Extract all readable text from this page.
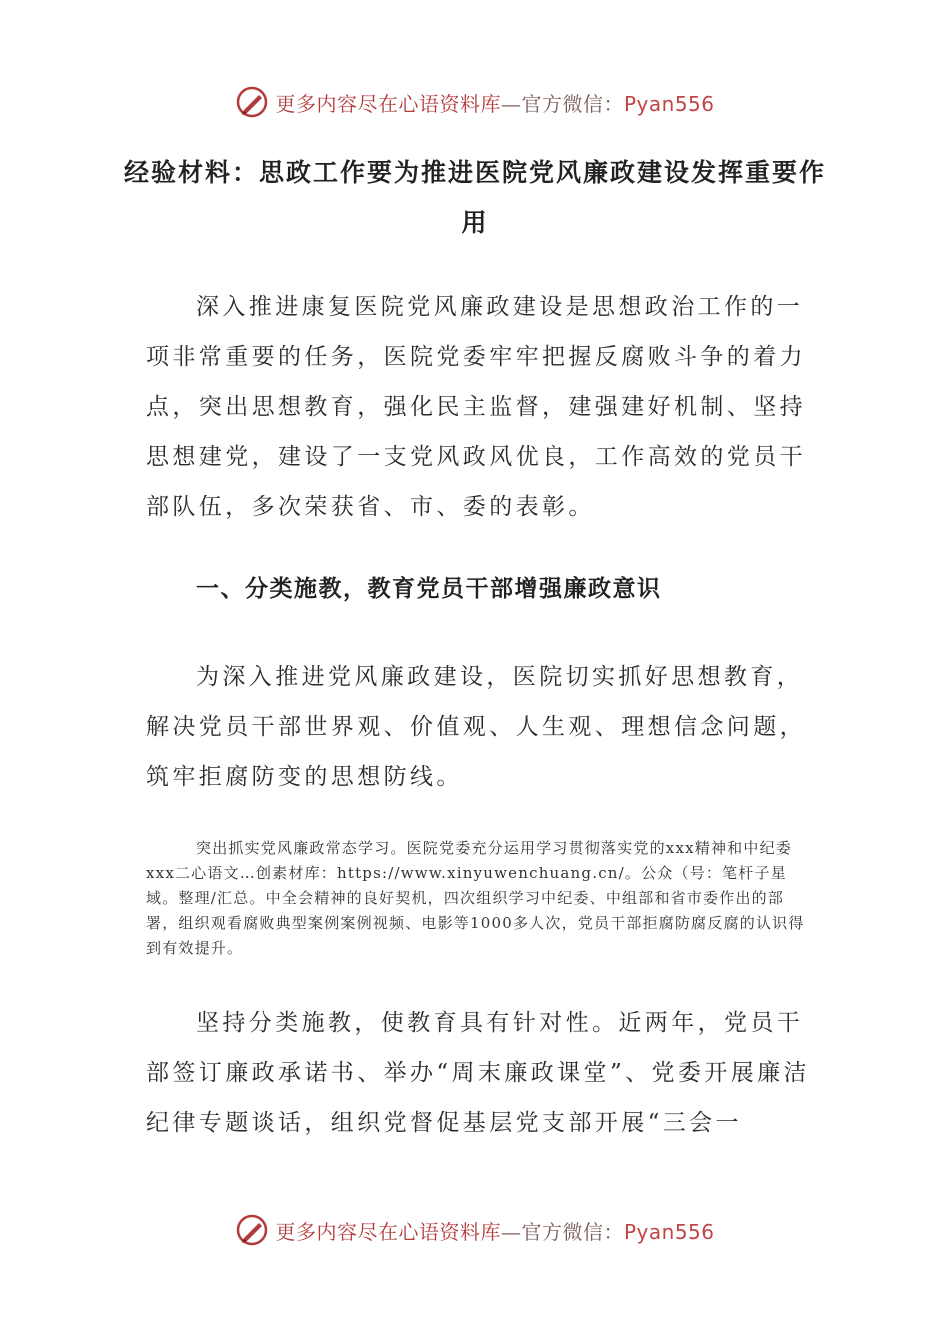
更多内容尽在心语资料库—官方微信：Pyan556
经验材料：思政工作要为推进医院党风廉政建设发挥重要作用

深入推进康复医院党风廉政建设是思想政治工作的一项非常重要的任务，医院党委牢牢把握反腐败斗争的着力点，突出思想教育，强化民主监督，建强建好机制、坚持思想建党，建设了一支党风政风优良，工作高效的党员干部队伍，多次荣获省、市、委的表彰。

一、分类施教，教育党员干部增强廉政意识

为深入推进党风廉政建设，医院切实抓好思想教育，解决党员干部世界观、价值观、人生观、理想信念问题，筑牢拒腐防变的思想防线。

突出抓实党风廉政常态学习。医院党委充分运用学习贯彻落实党的xxx精神和中纪委xxx二心语文…创素材库：https://www.xinyuwenchuang.cn/。公众（号：笔杆子星域。整理/汇总。中全会精神的良好契机，四次组织学习中纪委、中组部和省市委作出的部署，组织观看腐败典型案例案例视频、电影等1000多人次，党员干部拒腐防腐反腐的认识得到有效提升。

坚持分类施教，使教育具有针对性。近两年，党员干部签订廉政承诺书、举办“周末廉政课堂”、党委开展廉洁纪律专题谈话，组织党督促基层党支部开展“三会一

更多内容尽在心语资料库—官方微信：Pyan556
